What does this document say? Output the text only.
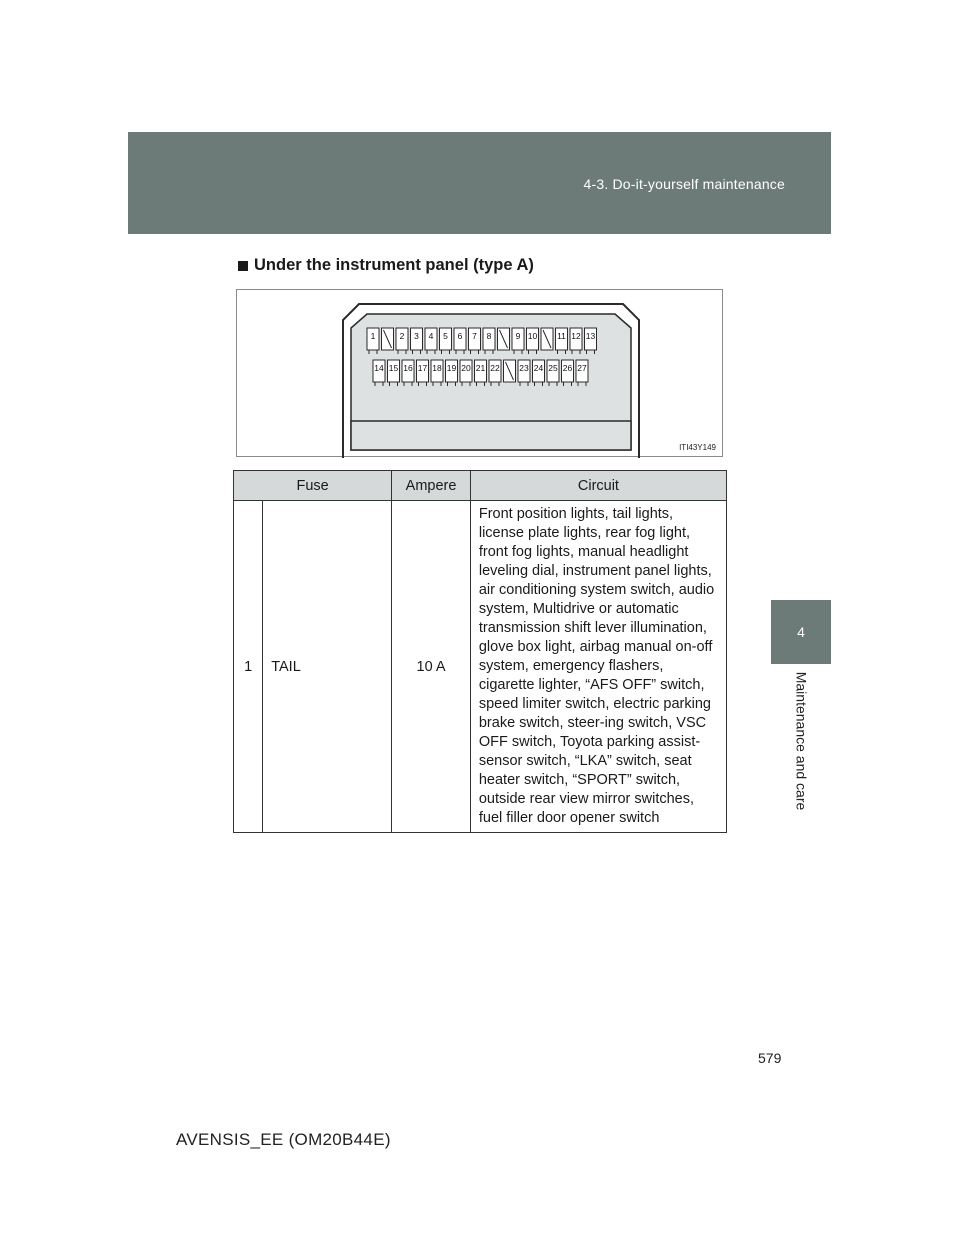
4-3. Do-it-yourself maintenance
4
Maintenance and care
Under the instrument panel (type A)
1	2 3 4 5 6 7 8	9 10 11 12 13
14 15 16 17 18 19 20 21 22 23 24 25 26 27
ITI43Y149
Fuse		Ampere	Circuit
1	TAIL	10 A	Front position lights, tail lights, license plate lights, rear fog light, front fog lights, manual headlight leveling dial, instrument panel lights, air conditioning system switch, audio system, Multidrive or automatic transmission shift lever illumination, glove box light, airbag manual on-off system, emergency flashers, cigarette lighter, “AFS OFF” switch, speed limiter switch, electric parking brake switch, steer-ing switch, VSC OFF switch, Toyota parking assist-sensor switch, “LKA” switch, seat heater switch, “SPORT” switch, outside rear view mirror switches, fuel filler door opener switch
579
AVENSIS_EE (OM20B44E)
